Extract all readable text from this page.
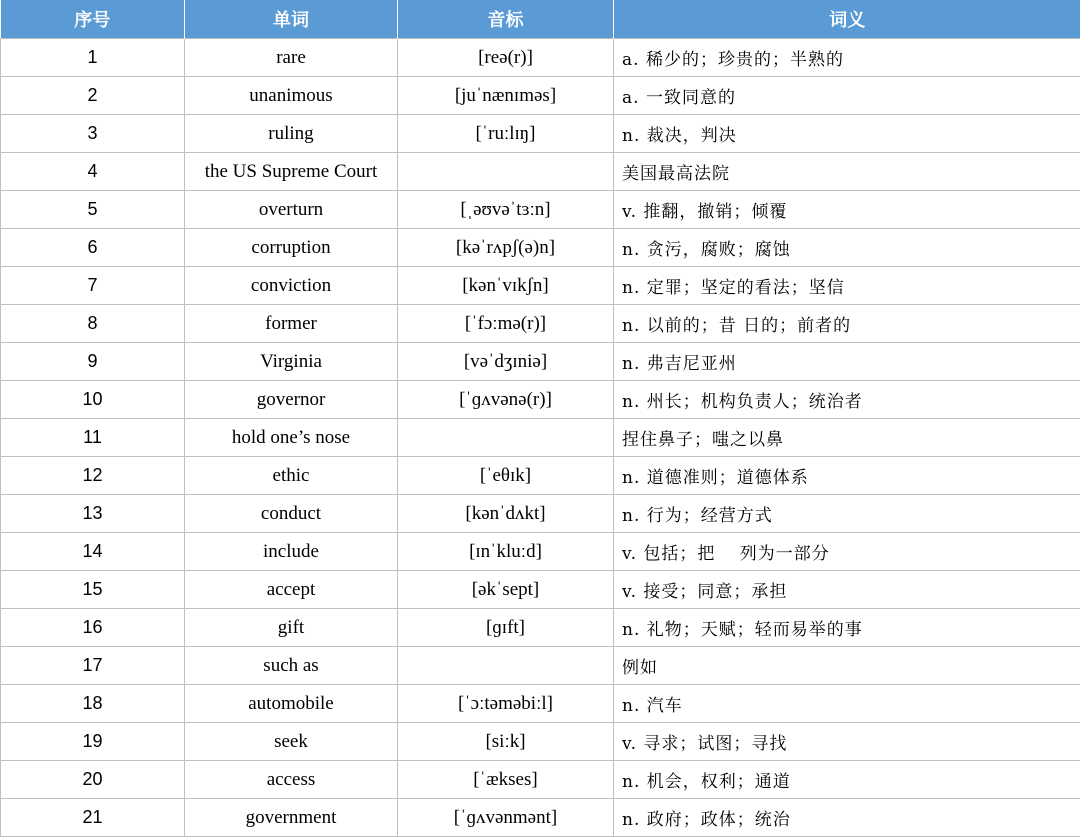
序号	单词	音标	词义
1	rare	[reə(r)]	a. 稀少的；珍贵的；半熟的
2	unanimous	[juˈnænɪməs]	a. 一致同意的
3	ruling	[ˈruːlɪŋ]	n. 裁决，判决
4	the US Supreme Court		美国最高法院
5	overturn	[ˌəʊvəˈtɜːn]	v. 推翻，撤销；倾覆
6	corruption	[kəˈrʌpʃ(ə)n]	n. 贪污，腐败；腐蚀
7	conviction	[kənˈvɪkʃn]	n. 定罪；坚定的看法；坚信
8	former	[ˈfɔːmə(r)]	n. 以前的；昔 日的；前者的
9	Virginia	[vəˈdʒɪniə]	n. 弗吉尼亚州
10	governor	[ˈɡʌvənə(r)]	n. 州长；机构负责人；统治者
11	hold one’s nose		捏住鼻子；嗤之以鼻
12	ethic	[ˈeθɪk]	n. 道德准则；道德体系
13	conduct	[kənˈdʌkt]	n. 行为；经营方式
14	include	[ɪnˈkluːd]	v. 包括；把　 列为一部分
15	accept	[əkˈsept]	v. 接受；同意；承担
16	gift	[ɡɪft]	n. 礼物；天赋；轻而易举的事
17	such as		例如
18	automobile	[ˈɔːtəməbiːl]	n. 汽车
19	seek	[siːk]	v. 寻求；试图；寻找
20	access	[ˈækses]	n. 机会，权利；通道
21	government	[ˈɡʌvənmənt]	n. 政府；政体；统治
